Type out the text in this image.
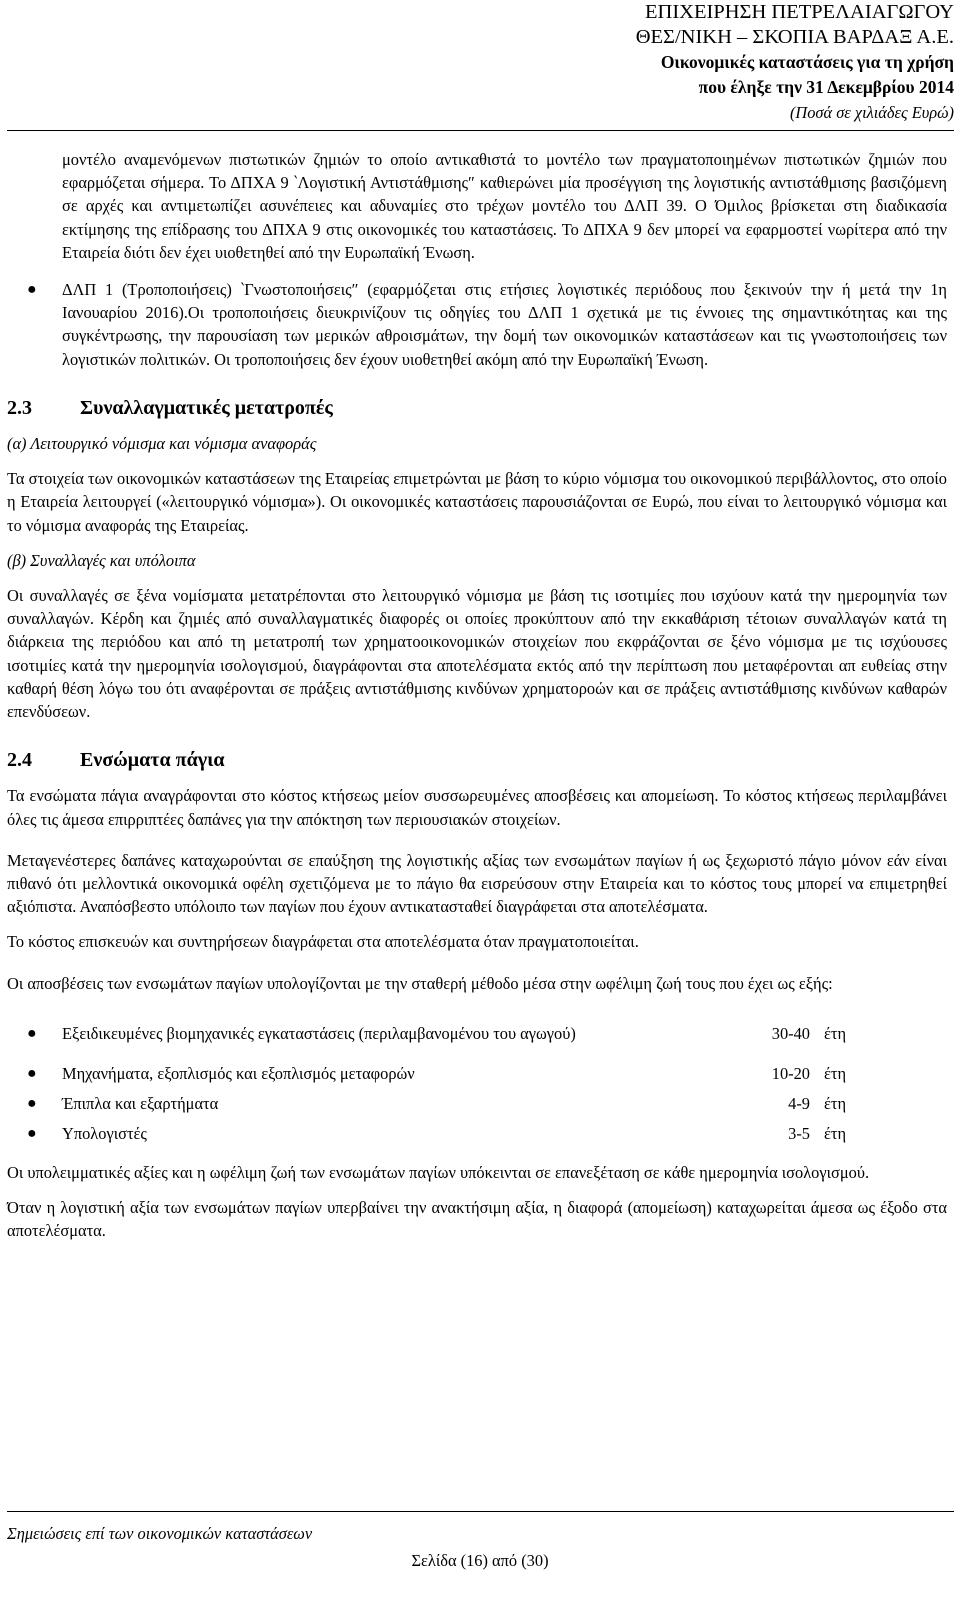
ΕΠΙΧΕΙΡΗΣΗ ΠΕΤΡΕΛΑΙΑΓΩΓΟΥ
ΘΕΣ/ΝΙΚΗ – ΣΚΟΠΙΑ ΒΑΡΔΑΞ Α.Ε.
Οικονομικές καταστάσεις για τη χρήση
που έληξε την 31 Δεκεμβρίου 2014
(Ποσά σε χιλιάδες Ευρώ)

μοντέλο αναμενόμενων πιστωτικών ζημιών το οποίο αντικαθιστά το μοντέλο των πραγματοποιημένων πιστωτικών ζημιών που εφαρμόζεται σήμερα. Το ΔΠΧΑ 9 ‵Λογιστική Αντιστάθμισης″ καθιερώνει μία προσέγγιση της λογιστικής αντιστάθμισης βασιζόμενη σε αρχές και αντιμετωπίζει ασυνέπειες και αδυναμίες στο τρέχων μοντέλο του ΔΛΠ 39. Ο Όμιλος βρίσκεται στη διαδικασία εκτίμησης της επίδρασης του ΔΠΧΑ 9 στις οικονομικές του καταστάσεις. Το ΔΠΧΑ 9 δεν μπορεί να εφαρμοστεί νωρίτερα από την Εταιρεία διότι δεν έχει υιοθετηθεί από την Ευρωπαϊκή Ένωση.

● ΔΛΠ 1 (Τροποποιήσεις) ‵Γνωστοποιήσεις″ (εφαρμόζεται στις ετήσιες λογιστικές περιόδους που ξεκινούν την ή μετά την 1η Ιανουαρίου 2016).Οι τροποποιήσεις διευκρινίζουν τις οδηγίες του ΔΛΠ 1 σχετικά με τις έννοιες της σημαντικότητας και της συγκέντρωσης, την παρουσίαση των μερικών αθροισμάτων, την δομή των οικονομικών καταστάσεων και τις γνωστοποιήσεις των λογιστικών πολιτικών. Οι τροποποιήσεις δεν έχουν υιοθετηθεί ακόμη από την Ευρωπαϊκή Ένωση.

2.3	Συναλλαγματικές μετατροπές
(α) Λειτουργικό νόμισμα και νόμισμα αναφοράς

Τα στοιχεία των οικονομικών καταστάσεων της Εταιρείας επιμετρώνται με βάση το κύριο νόμισμα του οικονομικού περιβάλλοντος, στο οποίο η Εταιρεία λειτουργεί («λειτουργικό νόμισμα»). Οι οικονομικές καταστάσεις παρουσιάζονται σε Ευρώ, που είναι το λειτουργικό νόμισμα και το νόμισμα αναφοράς της Εταιρείας.

(β) Συναλλαγές και υπόλοιπα

Οι συναλλαγές σε ξένα νομίσματα μετατρέπονται στο λειτουργικό νόμισμα με βάση τις ισοτιμίες που ισχύουν κατά την ημερομηνία των συναλλαγών. Κέρδη και ζημιές από συναλλαγματικές διαφορές οι οποίες προκύπτουν από την εκκαθάριση τέτοιων συναλλαγών κατά τη διάρκεια της περιόδου και από τη μετατροπή των χρηματοοικονομικών στοιχείων που εκφράζονται σε ξένο νόμισμα με τις ισχύουσες ισοτιμίες κατά την ημερομηνία ισολογισμού, διαγράφονται στα αποτελέσματα εκτός από την περίπτωση που μεταφέρονται απ ευθείας στην καθαρή θέση λόγω του ότι αναφέρονται σε πράξεις αντιστάθμισης κινδύνων χρηματοροών και σε πράξεις αντιστάθμισης κινδύνων καθαρών επενδύσεων.

2.4	Ενσώματα πάγια

Τα ενσώματα πάγια αναγράφονται στο κόστος κτήσεως μείον συσσωρευμένες αποσβέσεις και απομείωση. Το κόστος κτήσεως περιλαμβάνει όλες τις άμεσα επιρριπτέες δαπάνες για την απόκτηση των περιουσιακών στοιχείων.

Μεταγενέστερες δαπάνες καταχωρούνται σε επαύξηση της λογιστικής αξίας των ενσωμάτων παγίων ή ως ξεχωριστό πάγιο μόνον εάν είναι πιθανό ότι μελλοντικά οικονομικά οφέλη σχετιζόμενα με το πάγιο θα εισρεύσουν στην Εταιρεία και το κόστος τους μπορεί να επιμετρηθεί αξιόπιστα. Αναπόσβεστο υπόλοιπο των παγίων που έχουν αντικατασταθεί διαγράφεται στα αποτελέσματα.

Το κόστος επισκευών και συντηρήσεων διαγράφεται στα αποτελέσματα όταν πραγματοποιείται.

Οι αποσβέσεις των ενσωμάτων παγίων υπολογίζονται με την σταθερή μέθοδο μέσα στην ωφέλιμη ζωή τους που έχει ως εξής:

●	Εξειδικευμένες βιομηχανικές εγκαταστάσεις (περιλαμβανομένου του αγωγού)	30-40 έτη
●	Μηχανήματα, εξοπλισμός και εξοπλισμός μεταφορών	10-20 έτη
●	Έπιπλα και εξαρτήματα	4-9 έτη
●	Υπολογιστές	3-5 έτη

Οι υπολειμματικές αξίες και η ωφέλιμη ζωή των ενσωμάτων παγίων υπόκεινται σε επανεξέταση σε κάθε ημερομηνία ισολογισμού.

Όταν η λογιστική αξία των ενσωμάτων παγίων υπερβαίνει την ανακτήσιμη αξία, η διαφορά (απομείωση) καταχωρείται άμεσα ως έξοδο στα αποτελέσματα.

Σημειώσεις επί των οικονομικών καταστάσεων
Σελίδα (16) από (30)
